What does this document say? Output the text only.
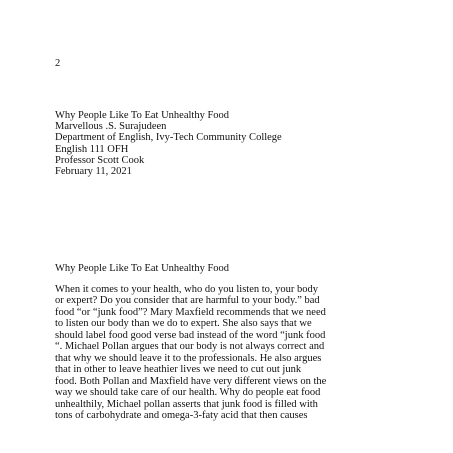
2
Why People Like To Eat Unhealthy Food
Marvellous .S. Surajudeen
Department of English, Ivy-Tech Community College
English 111 OFH
Professor Scott Cook
February 11, 2021
Why People Like To Eat Unhealthy Food
When it comes to your health, who do you listen to, your body
or expert? Do you consider that are harmful to your body.” bad
food “or “junk food”? Mary Maxfield recommends that we need
to listen our body than we do to expert. She also says that we
should label food good verse bad instead of the word “junk food
“. Michael Pollan argues that our body is not always correct and
that why we should leave it to the professionals. He also argues
that in other to leave heathier lives we need to cut out junk
food. Both Pollan and Maxfield have very different views on the
way we should take care of our health. Why do people eat food
unhealthily, Michael pollan asserts that junk food is filled with
tons of carbohydrate and omega-3-faty acid that then causes
